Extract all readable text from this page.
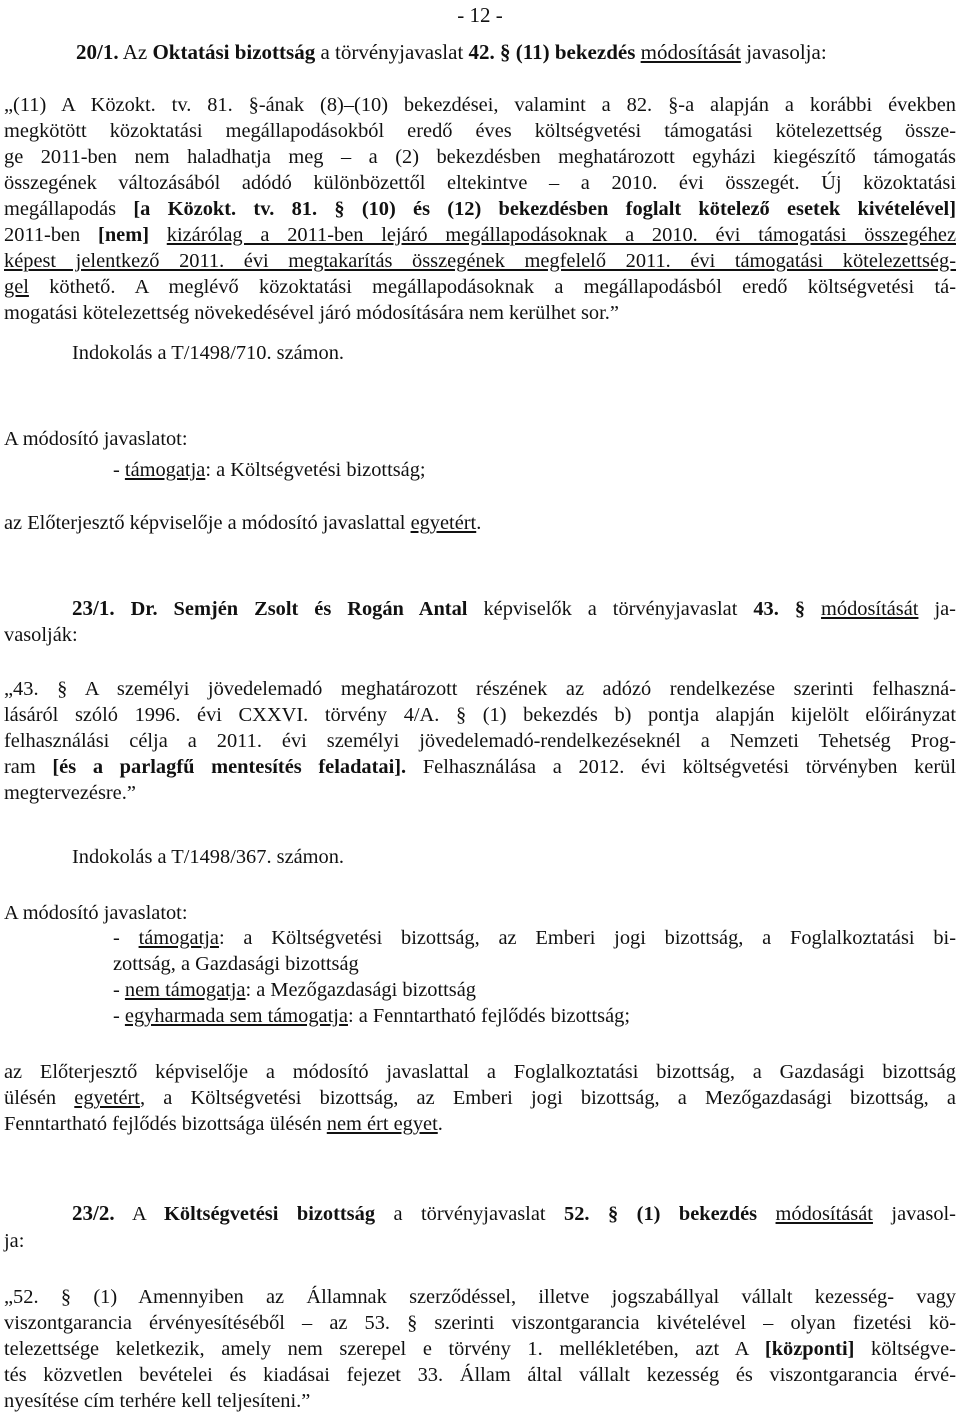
- 12 -
20/1. Az Oktatási bizottság a törvényjavaslat 42. § (11) bekezdés módosítását javasolja:
„(11) A Közokt. tv. 81. §-ának (8)–(10) bekezdései, valamint a 82. §-a alapján a korábbi években
megkötött közoktatási megállapodásokból eredő éves költségvetési támogatási kötelezettség össze-
ge 2011-ben nem haladhatja meg – a (2) bekezdésben meghatározott egyházi kiegészítő támogatás
összegének változásából adódó különbözettől eltekintve – a 2010. évi összegét. Új közoktatási
megállapodás [a Közokt. tv. 81. § (10) és (12) bekezdésben foglalt kötelező esetek kivételével]
2011-ben [nem] kizárólag a 2011-ben lejáró megállapodásoknak a 2010. évi támogatási összegéhez
képest jelentkező 2011. évi megtakarítás összegének megfelelő 2011. évi támogatási kötelezettség-
gel köthető. A meglévő közoktatási megállapodásoknak a megállapodásból eredő költségvetési tá-
mogatási kötelezettség növekedésével járó módosítására nem kerülhet sor.”
Indokolás a T/1498/710. számon.
A módosító javaslatot:
- támogatja: a Költségvetési bizottság;
az Előterjesztő képviselője a módosító javaslattal egyetért.
23/1. Dr. Semjén Zsolt és Rogán Antal képviselők a törvényjavaslat 43. § módosítását ja-
vasolják:
„43. § A személyi jövedelemadó meghatározott részének az adózó rendelkezése szerinti felhaszná-
lásáról szóló 1996. évi CXXVI. törvény 4/A. § (1) bekezdés b) pontja alapján kijelölt előirányzat
felhasználási célja a 2011. évi személyi jövedelemadó-rendelkezéseknél a Nemzeti Tehetség Prog-
ram [és a parlagfű mentesítés feladatai]. Felhasználása a 2012. évi költségvetési törvényben kerül
megtervezésre.”
Indokolás a T/1498/367. számon.
A módosító javaslatot:
- támogatja: a Költségvetési bizottság, az Emberi jogi bizottság, a Foglalkoztatási bi-
zottság, a Gazdasági bizottság
- nem támogatja: a Mezőgazdasági bizottság
- egyharmada sem támogatja: a Fenntartható fejlődés bizottság;
az Előterjesztő képviselője a módosító javaslattal a Foglalkoztatási bizottság, a Gazdasági bizottság
ülésén egyetért, a Költségvetési bizottság, az Emberi jogi bizottság, a Mezőgazdasági bizottság, a
Fenntartható fejlődés bizottsága ülésén nem ért egyet.
23/2. A Költségvetési bizottság a törvényjavaslat 52. § (1) bekezdés módosítását javasol-
ja:
„52. § (1) Amennyiben az Államnak szerződéssel, illetve jogszabállyal vállalt kezesség- vagy
viszontgarancia érvényesítéséből – az 53. § szerinti viszontgarancia kivételével – olyan fizetési kö-
telezettsége keletkezik, amely nem szerepel e törvény 1. mellékletében, azt A [központi] költségve-
tés közvetlen bevételei és kiadásai fejezet 33. Állam által vállalt kezesség és viszontgarancia érvé-
nyesítése cím terhére kell teljesíteni.”
